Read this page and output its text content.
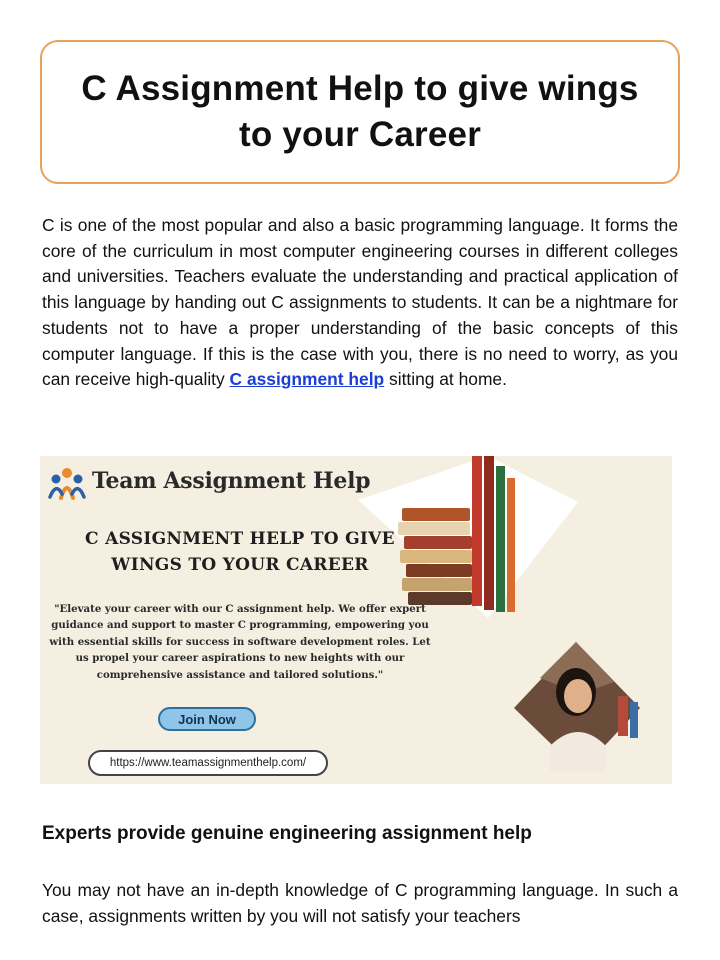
C Assignment Help to give wings
to your Career

C is one of the most popular and also a basic programming language. It forms the core of the curriculum in most computer engineering courses in different colleges and universities. Teachers evaluate the understanding and practical application of this language by handing out C assignments to students. It can be a nightmare for students not to have a proper understanding of the basic concepts of this computer language. If this is the case with you, there is no need to worry, as you can receive high-quality C assignment help sitting at home.

Team Assignment Help
C ASSIGNMENT HELP TO GIVE
WINGS TO YOUR CAREER
"Elevate your career with our C assignment help. We offer expert
guidance and support to master C programming, empowering you
with essential skills for success in software development roles. Let
us propel your career aspirations to new heights with our
comprehensive assistance and tailored solutions."
Join Now
https://www.teamassignmenthelp.com/
Experts provide genuine engineering assignment help

You may not have an in-depth knowledge of C programming language. In such a case, assignments written by you will not satisfy your teachers
